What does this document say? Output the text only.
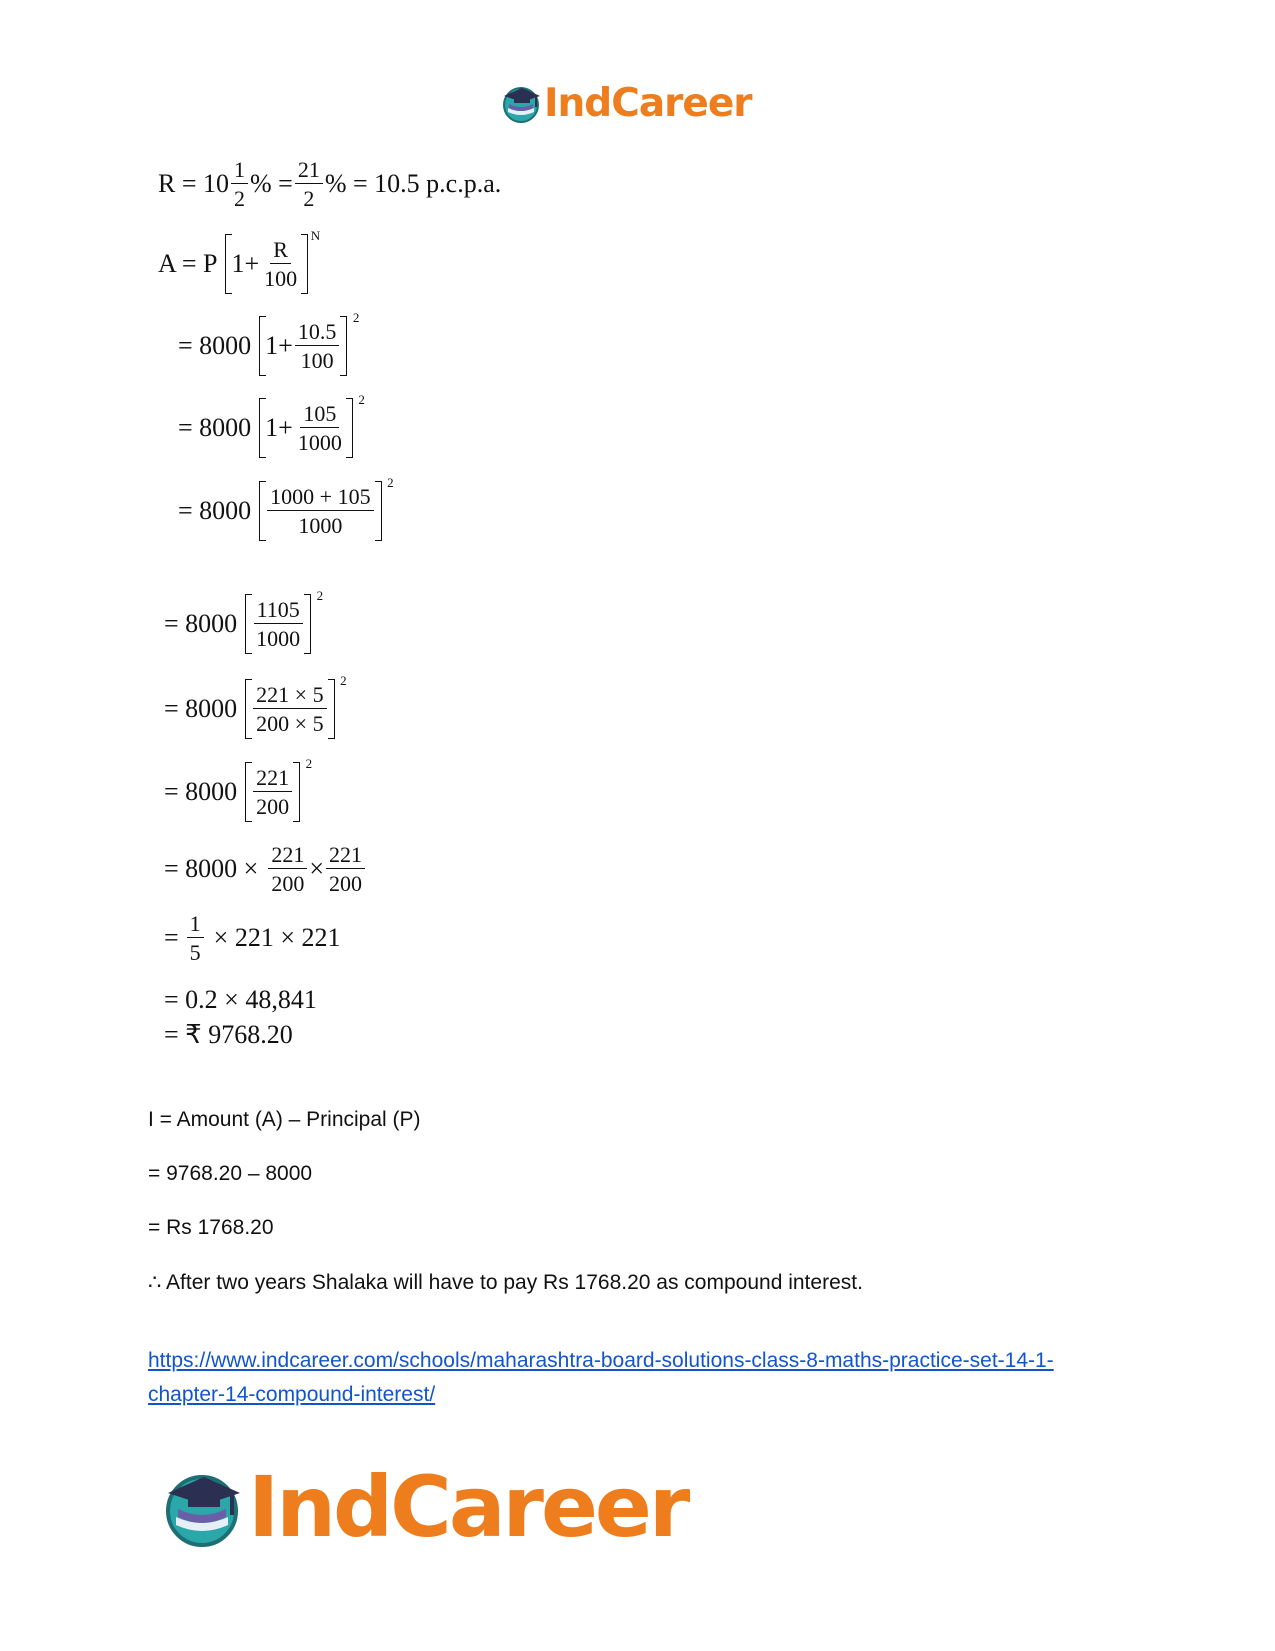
IndCareer
$R = 10 \frac{1}{2}$ % = $\frac{21}{2}$ % = 10.5 p.c.p.a.
A = P $1+ \frac{R}{100}$
$^N$
= 8000 $1+ \frac{10.5}{100}$
$^2$
= 8000 $1+ \frac{105}{1000}$
$^2$
= $8000 \frac{1000 + 105}{1000}$
$^2$
= $8000 \frac{1105}{1000}$
$^2$
= $8000 \frac{221 \times 5}{200 \times 5}$
$^2$
= $8000 \frac{221}{200}$
$^2$
= $8000 \times \frac{221}{200} \times \frac{221}{200}$
= $\frac{1}{5} \times 221 \times 221$
= 0.2 × 48,841
= ₹ 9768.20
I = Amount (A) – Principal (P)
= 9768.20 – 8000
= Rs 1768.20
∴ After two years Shalaka will have to pay Rs 1768.20 as compound interest.
https://www.indcareer.com/schools/maharashtra-board-solutions-class-8-maths-practice-set-14-1-chapter-14-compound-interest/
IndCareer
